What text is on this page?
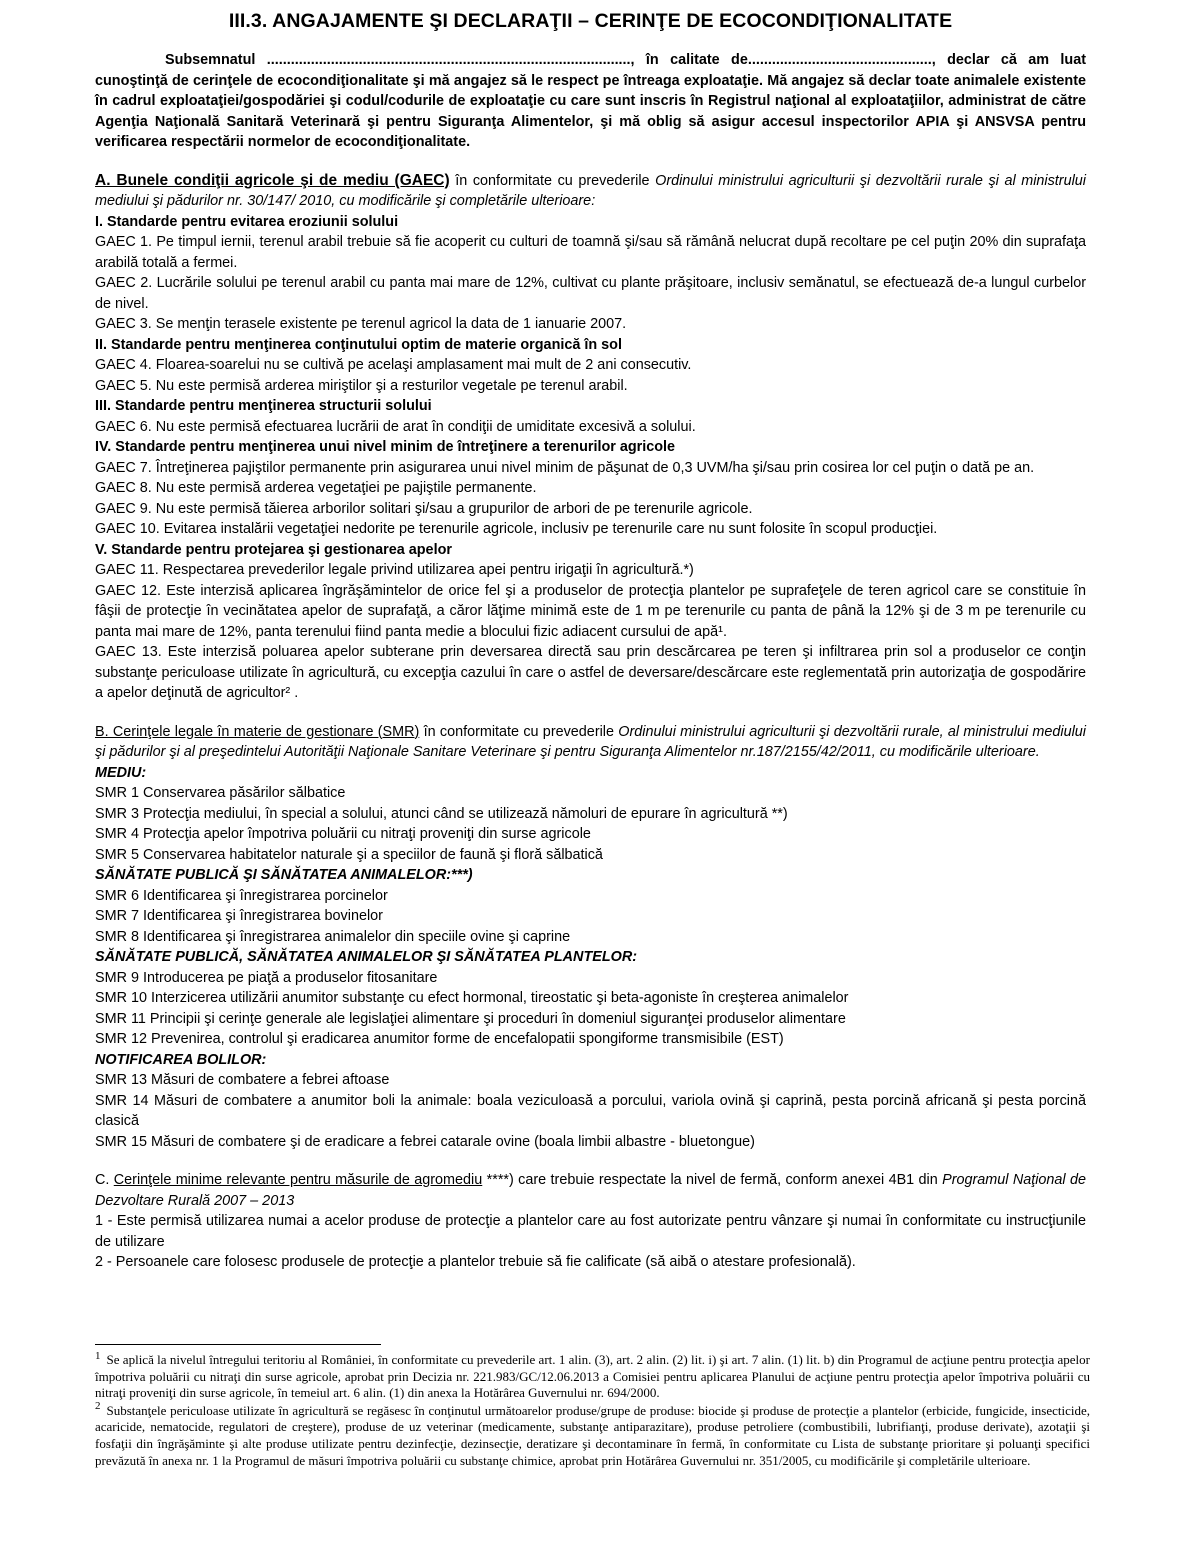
III.3. ANGAJAMENTE ŞI DECLARAŢII – CERINŢE DE ECOCONDIŢIONALITATE
Subsemnatul ..........................................................................................., în calitate de.............................................., declar că am luat cunoştinţă de cerinţele de ecocondiţionalitate şi mă angajez să le respect pe întreaga exploataţie. Mă angajez să declar toate animalele existente în cadrul exploataţiei/gospodăriei şi codul/codurile de exploataţie cu care sunt inscris în Registrul naţional al exploataţiilor, administrat de către Agenţia Naţională Sanitară Veterinară şi pentru Siguranţa Alimentelor, şi mă oblig să asigur accesul inspectorilor APIA şi ANSVSA pentru verificarea respectării normelor de ecocondiţionalitate.
A. Bunele condiţii agricole şi de mediu (GAEC) în conformitate cu prevederile Ordinului ministrului agriculturii şi dezvoltării rurale şi al ministrului mediului şi pădurilor nr. 30/147/ 2010, cu modificările şi completările ulterioare:

I. Standarde pentru evitarea eroziunii solului

GAEC 1. Pe timpul iernii, terenul arabil trebuie să fie acoperit cu culturi de toamnă şi/sau să rămână nelucrat după recoltare pe cel puţin 20% din suprafaţa arabilă totală a fermei.

GAEC 2. Lucrările solului pe terenul arabil cu panta mai mare de 12%, cultivat cu plante prăşitoare, inclusiv semănatul, se efectuează de-a lungul curbelor de nivel.

GAEC 3. Se menţin terasele existente pe terenul agricol la data de 1 ianuarie 2007.

II. Standarde pentru menţinerea conţinutului optim de materie organică în sol

GAEC 4. Floarea-soarelui nu se cultivă pe acelaşi amplasament mai mult de 2 ani consecutiv.

GAEC 5. Nu este permisă arderea miriştilor şi a resturilor vegetale pe terenul arabil.

III. Standarde pentru menţinerea structurii solului

GAEC 6. Nu este permisă efectuarea lucrării de arat în condiţii de umiditate excesivă a solului.

IV. Standarde pentru menţinerea unui nivel minim de întreţinere a terenurilor agricole

GAEC 7. Întreţinerea pajiştilor permanente prin asigurarea unui nivel minim de păşunat de 0,3 UVM/ha şi/sau prin cosirea lor cel puţin o dată pe an.

GAEC 8. Nu este permisă arderea vegetaţiei pe pajiştile permanente.

GAEC 9. Nu este permisă tăierea arborilor solitari şi/sau a grupurilor de arbori de pe terenurile agricole.

GAEC 10. Evitarea instalării vegetaţiei nedorite pe terenurile agricole, inclusiv pe terenurile care nu sunt folosite în scopul producţiei.

V. Standarde pentru protejarea şi gestionarea apelor

GAEC 11. Respectarea prevederilor legale privind utilizarea apei pentru irigaţii în agricultură.*)

GAEC 12. Este interzisă aplicarea îngrăşămintelor de orice fel şi a produselor de protecţia plantelor pe suprafeţele de teren agricol care se constituie în fâşii de protecţie în vecinătatea apelor de suprafaţă, a căror lăţime minimă este de 1 m pe terenurile cu panta de până la 12% şi de 3 m pe terenurile cu panta mai mare de 12%, panta terenului fiind panta medie a blocului fizic adiacent cursului de apă¹.

GAEC 13. Este interzisă poluarea apelor subterane prin deversarea directă sau prin descărcarea pe teren şi infiltrarea prin sol a produselor ce conţin substanţe periculoase utilizate în agricultură, cu excepţia cazului în care o astfel de deversare/descărcare este reglementată prin autorizaţia de gospodărire a apelor deţinută de agricultor² .

B. Cerinţele legale în materie de gestionare (SMR) în conformitate cu prevederile Ordinului ministrului agriculturii şi dezvoltării rurale, al ministrului mediului şi pădurilor şi al preşedintelui Autorităţii Naţionale Sanitare Veterinare şi pentru Siguranţa Alimentelor nr.187/2155/42/2011, cu modificările ulterioare.

MEDIU:

SMR 1 Conservarea păsărilor sălbatice

SMR 3 Protecţia mediului, în special a solului, atunci când se utilizează nămoluri de epurare în agricultură **)

SMR 4 Protecţia apelor împotriva poluării cu nitraţi proveniţi din surse agricole

SMR 5 Conservarea habitatelor naturale şi a speciilor de faună şi floră sălbatică

SĂNĂTATE PUBLICĂ ŞI SĂNĂTATEA ANIMALELOR:***)

SMR 6 Identificarea şi înregistrarea porcinelor

SMR 7 Identificarea şi înregistrarea bovinelor

SMR 8 Identificarea şi înregistrarea animalelor din speciile ovine şi caprine

SĂNĂTATE PUBLICĂ, SĂNĂTATEA ANIMALELOR ŞI SĂNĂTATEA PLANTELOR:

SMR 9 Introducerea pe piaţă a produselor fitosanitare

SMR 10 Interzicerea utilizării anumitor substanţe cu efect hormonal, tireostatic şi beta-agoniste în creşterea animalelor

SMR 11 Principii şi cerinţe generale ale legislaţiei alimentare şi proceduri în domeniul siguranţei produselor alimentare

SMR 12 Prevenirea, controlul şi eradicarea anumitor forme de encefalopatii spongiforme transmisibile (EST)

NOTIFICAREA BOLILOR:

SMR 13 Măsuri de combatere a febrei aftoase

SMR 14 Măsuri de combatere a anumitor boli la animale: boala veziculoasă a porcului, variola ovină şi caprină, pesta porcină africană şi pesta porcină clasică

SMR 15 Măsuri de combatere şi de eradicare a febrei catarale ovine (boala limbii albastre - bluetongue)

C. Cerinţele minime relevante pentru măsurile de agromediu ****) care trebuie respectate la nivel de fermă, conform anexei 4B1 din Programul Naţional de Dezvoltare Rurală 2007 – 2013

1 - Este permisă utilizarea numai a acelor produse de protecţie a plantelor care au fost autorizate pentru vânzare şi numai în conformitate cu instrucţiunile de utilizare

2 - Persoanele care folosesc produsele de protecţie a plantelor trebuie să fie calificate (să aibă o atestare profesională).

$^1$ Se aplică la nivelul întregului teritoriu al României, în conformitate cu prevederile art. 1 alin. (3), art. 2 alin. (2) lit. i) şi art. 7 alin. (1) lit. b) din Programul de acţiune pentru protecţia apelor împotriva poluării cu nitraţi din surse agricole, aprobat prin Decizia nr. 221.983/GC/12.06.2013 a Comisiei pentru aplicarea Planului de acţiune pentru protecţia apelor împotriva poluării cu nitraţi proveniţi din surse agricole, în temeiul art. 6 alin. (1) din anexa la Hotărârea Guvernului nr. 694/2000.

$^2$ Substanţele periculoase utilizate în agricultură se regăsesc în conţinutul următoarelor produse/grupe de produse: biocide şi produse de protecţie a plantelor (erbicide, fungicide, insecticide, acaricide, nematocide, regulatori de creştere), produse de uz veterinar (medicamente, substanţe antiparazitare), produse petroliere (combustibili, lubrifianţi, produse derivate), azotaţii şi fosfaţii din îngrăşăminte şi alte produse utilizate pentru dezinfecţie, dezinsecţie, deratizare şi decontaminare în fermă, în conformitate cu Lista de substanţe prioritare şi poluanţi specifici prevăzută în anexa nr. 1 la Programul de măsuri împotriva poluării cu substanţe chimice, aprobat prin Hotărârea Guvernului nr. 351/2005, cu modificările şi completările ulterioare.
